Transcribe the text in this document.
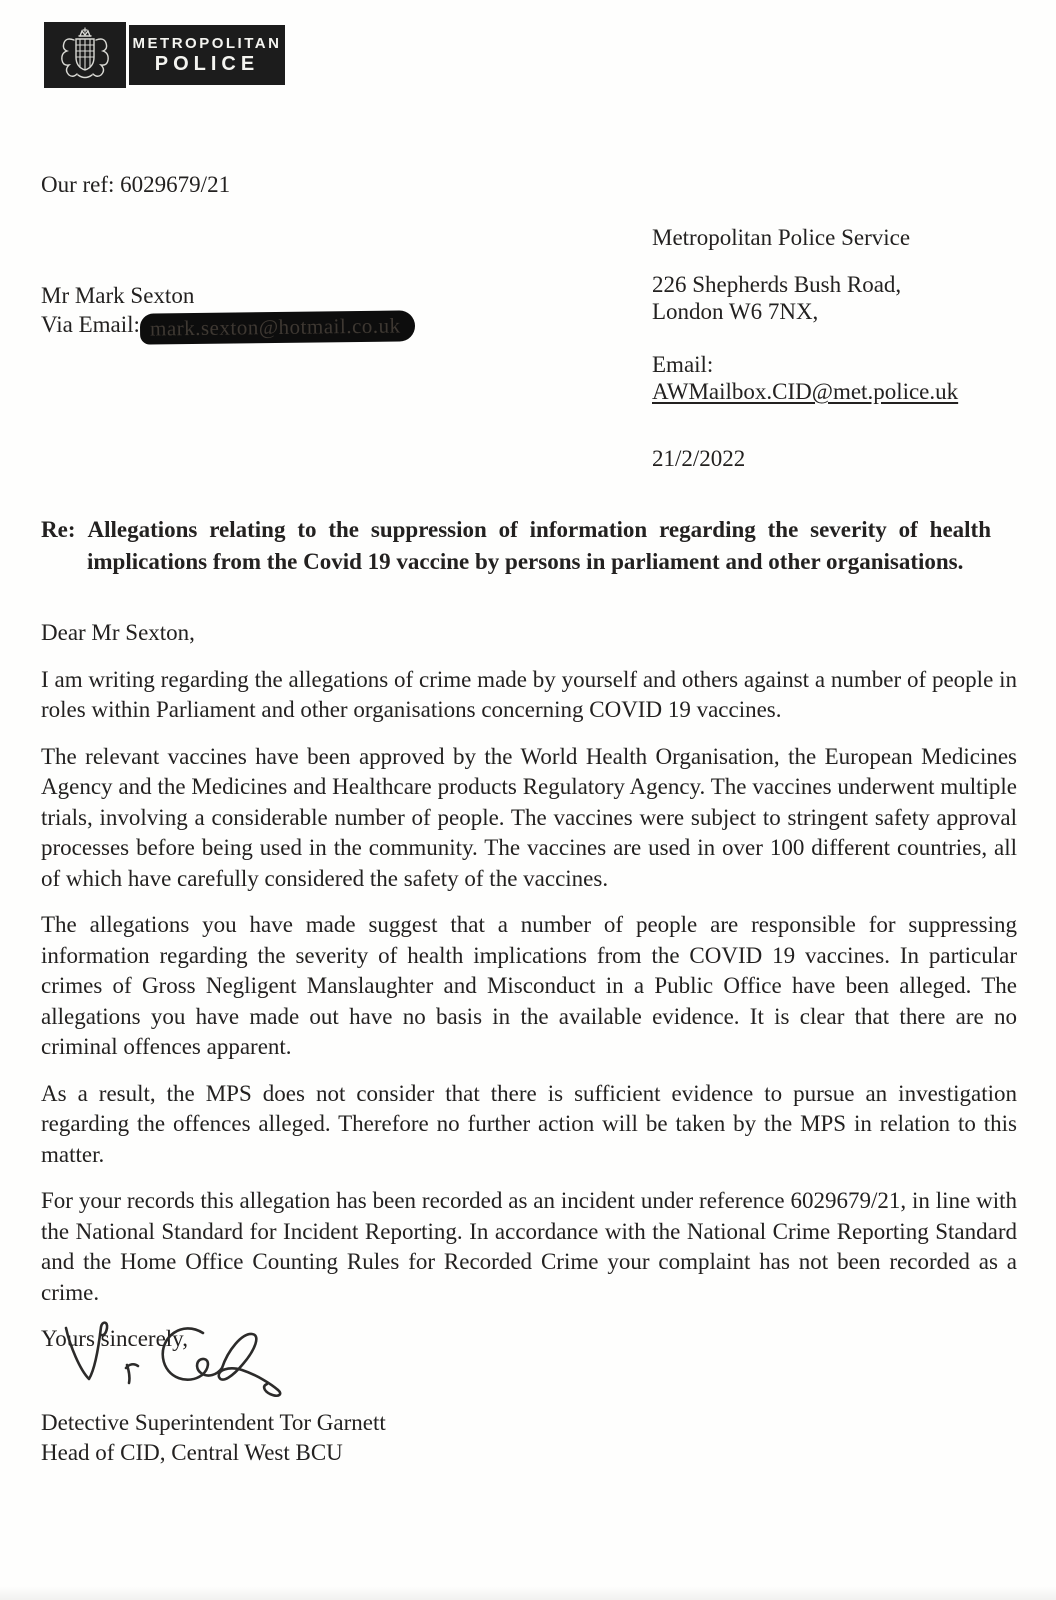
METROPOLITAN
POLICE
Our ref: 6029679/21
Mr Mark Sexton
Via Email: mark.sexton@hotmail.co.uk
Metropolitan Police Service
226 Shepherds Bush Road,
London W6 7NX,
Email:
AWMailbox.CID@met.police.uk
21/2/2022

Re: Allegations relating to the suppression of information regarding the severity of health implications from the Covid 19 vaccine by persons in parliament and other organisations.

Dear Mr Sexton,

I am writing regarding the allegations of crime made by yourself and others against a number of people in roles within Parliament and other organisations concerning COVID 19 vaccines.

The relevant vaccines have been approved by the World Health Organisation, the European Medicines Agency and the Medicines and Healthcare products Regulatory Agency. The vaccines underwent multiple trials, involving a considerable number of people. The vaccines were subject to stringent safety approval processes before being used in the community. The vaccines are used in over 100 different countries, all of which have carefully considered the safety of the vaccines.

The allegations you have made suggest that a number of people are responsible for suppressing information regarding the severity of health implications from the COVID 19 vaccines. In particular crimes of Gross Negligent Manslaughter and Misconduct in a Public Office have been alleged. The allegations you have made out have no basis in the available evidence. It is clear that there are no criminal offences apparent.

As a result, the MPS does not consider that there is sufficient evidence to pursue an investigation regarding the offences alleged. Therefore no further action will be taken by the MPS in relation to this matter.

For your records this allegation has been recorded as an incident under reference 6029679/21, in line with the National Standard for Incident Reporting. In accordance with the National Crime Reporting Standard and the Home Office Counting Rules for Recorded Crime your complaint has not been recorded as a crime.

Yours sincerely,

Detective Superintendent Tor Garnett
Head of CID, Central West BCU
